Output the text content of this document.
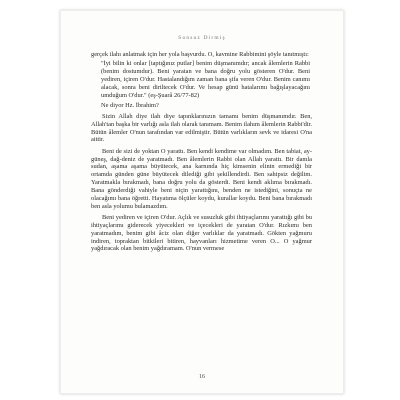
Sonsuz Dirmiş

gerçek ilahı anlatmak için her yola başvurdu. O, kavmine Rabbimini şöyle tanıtmıştı:

"İyi bilin ki onlar [taptığınız putlar] benim düşmanımdır; ancak âlemlerin Rabbi (benim dostumdur). Beni yaratan ve bana doğru yolu gösteren O'dur. Beni yediren, içiren O'dur. Hastalandığım zaman bana şifa veren O'dur. Benim canımı alacak, sonra beni diriltecek O'dur. Ve hesap günü hatalarımı bağışlayacağını umduğum O'dur." (eş-Şuarâ 26/77-82)

Ne diyor Hz. İbrahim?

Sizin Allah diye ilah diye tapınklarınızın tamamı benim düşmanımdır. Ben, Allah'tan başka bir varlığı asla ilah olarak tanımam. Benim ilahım âlemlerin Rabbi'dir. Bütün âlemler O'nun tarafından var edilmiştir. Bütün varlıkların sevk ve idaresi O'na aittir.

Beni de sizi de yoktan O yarattı. Ben kendi kendime var olmadım. Ben tabiat, ay-güneş, dağ-deniz de yaratmadı. Ben âlemlerin Rabbi olan Allah yarattı. Bir damla sudan, aşama aşama büyütecek, ana karnında hiç kimsenin elinin ermediği bir ortamda günden güne büyütecek dilediği gibi şekillendirdi. Ben sahipsiz değilim. Yaratmakla bırakmadı, bana doğru yolu da gösterdi. Beni kendi aklıma bırakmadı. Bana gönderdiği vahiyle beni niçin yarattığını, benden ne istediğini, sonuçta ne olacağımı bana öğretti. Hayatıma ölçüler koydu, kurallar koydu. Beni bana bırakmadı ben asla yolumu bulamazdım.

Beni yediren ve içiren O'dur. Açlık ve susuzluk gibi ihtiyaçlarımı yarattığı gibi bu ihtiyaçlarımı giderecek yiyecekleri ve içecekleri de yaratan O'dur. Rızkımı ben yaratmadım, benim gibi âciz olan diğer varlıklar da yaratmadı. Gökten yağmuru indiren, topraktan bitkileri bitiren, hayvanları hizmetime veren O... O yağmur yağdıracak olan benim yağdıramam. O'nun vermese

16
